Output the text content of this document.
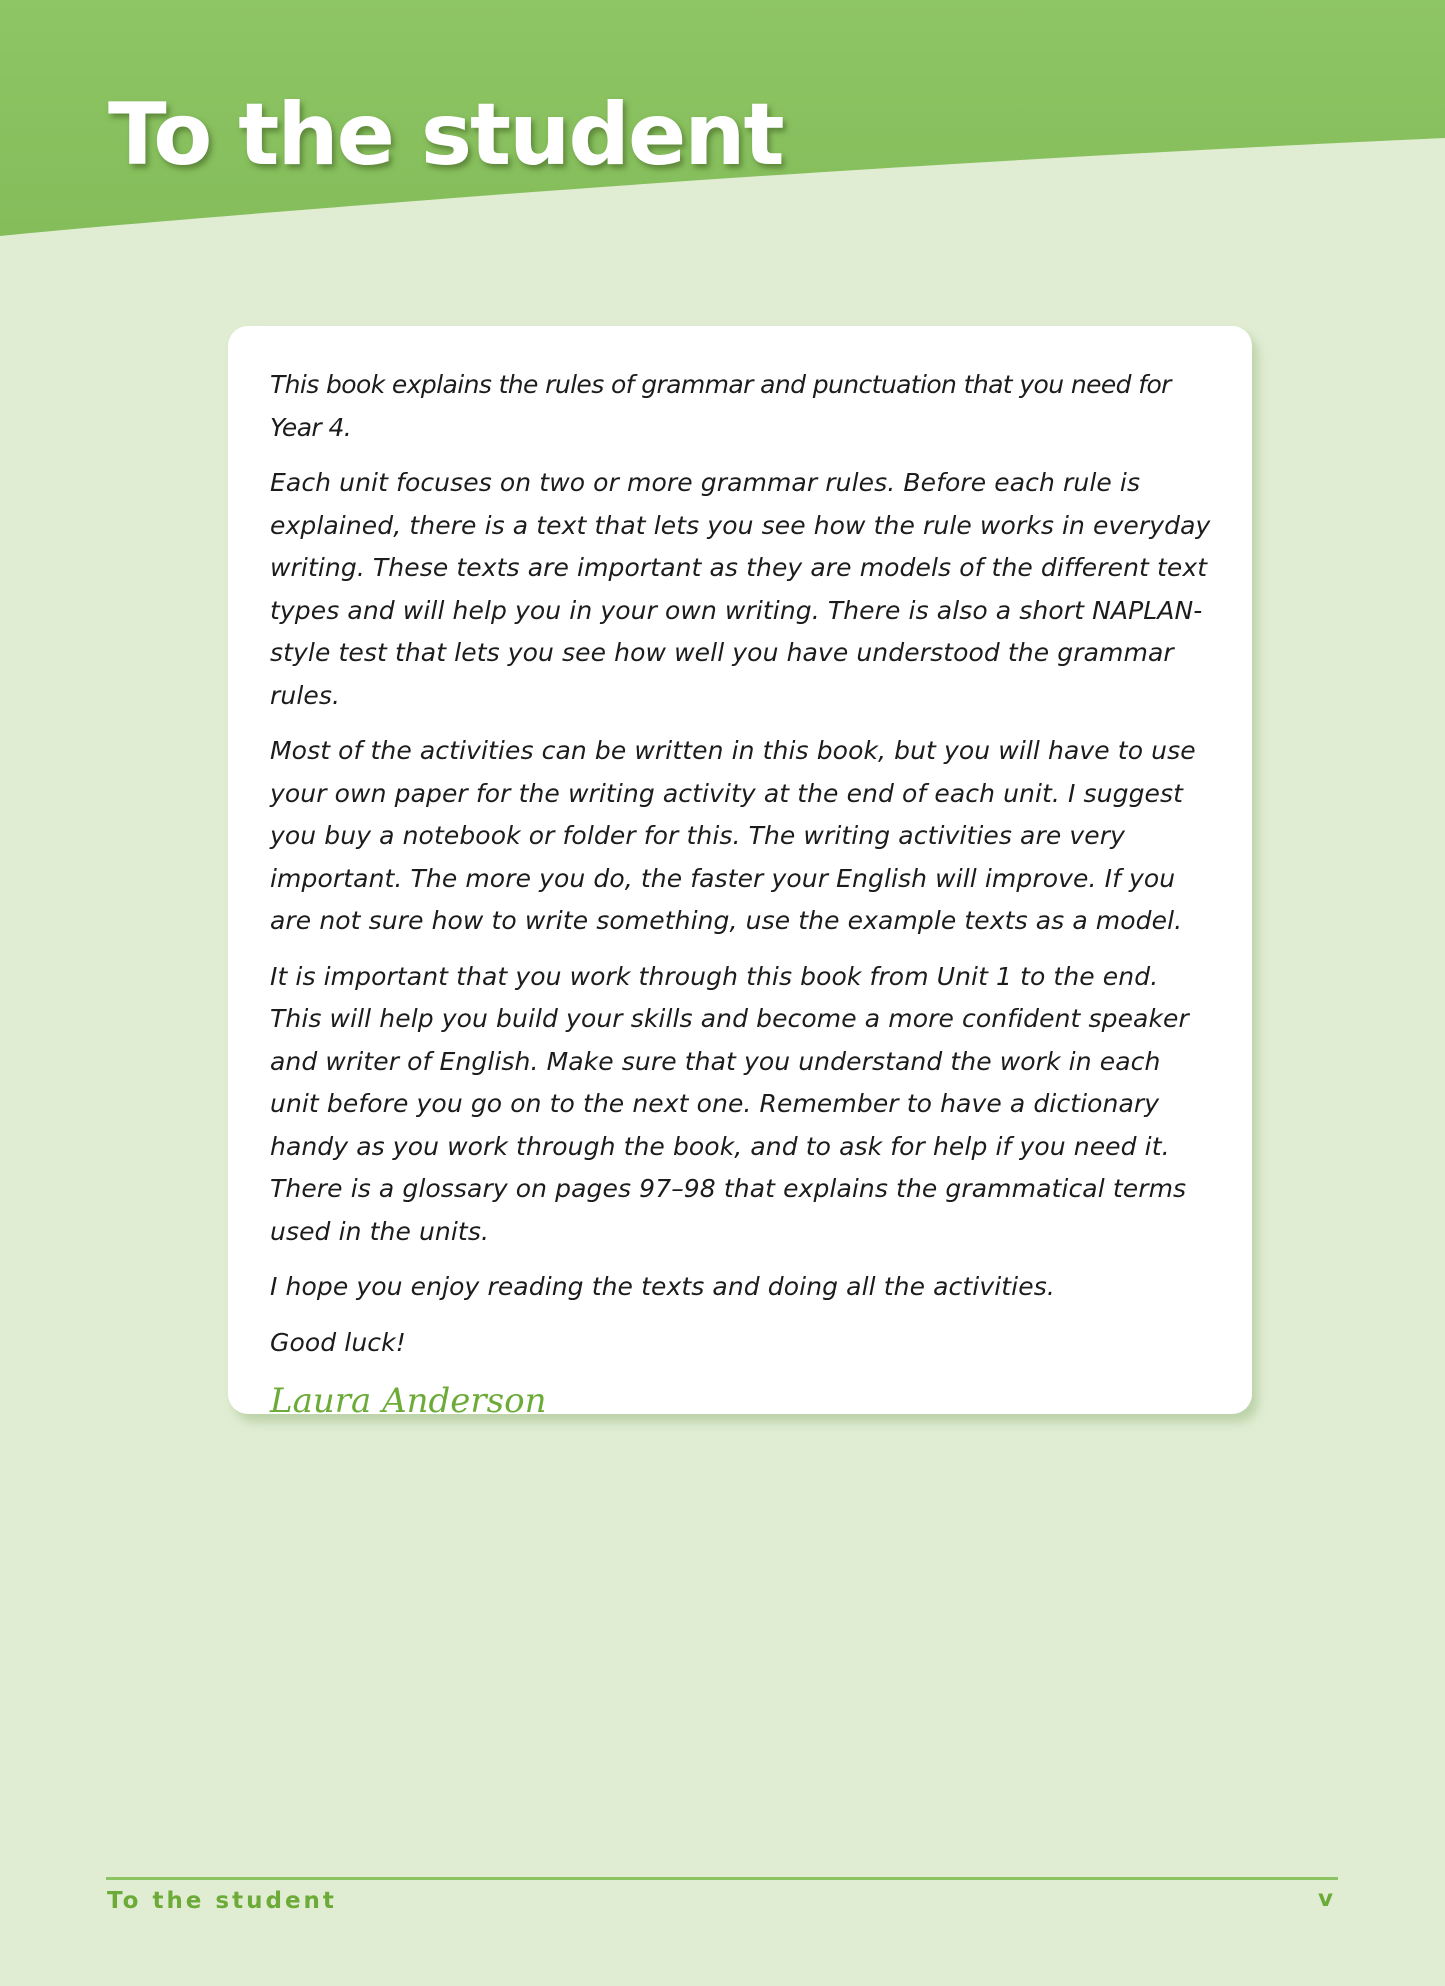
To the student

This book explains the rules of grammar and punctuation that you need for Year 4.

Each unit focuses on two or more grammar rules. Before each rule is explained, there is a text that lets you see how the rule works in everyday writing. These texts are important as they are models of the different text types and will help you in your own writing. There is also a short NAPLAN-style test that lets you see how well you have understood the grammar rules.

Most of the activities can be written in this book, but you will have to use your own paper for the writing activity at the end of each unit. I suggest you buy a notebook or folder for this. The writing activities are very important. The more you do, the faster your English will improve. If you are not sure how to write something, use the example texts as a model.

It is important that you work through this book from Unit 1 to the end. This will help you build your skills and become a more confident speaker and writer of English. Make sure that you understand the work in each unit before you go on to the next one. Remember to have a dictionary handy as you work through the book, and to ask for help if you need it. There is a glossary on pages 97–98 that explains the grammatical terms used in the units.

I hope you enjoy reading the texts and doing all the activities.

Good luck!

Laura Anderson

To the student	v
